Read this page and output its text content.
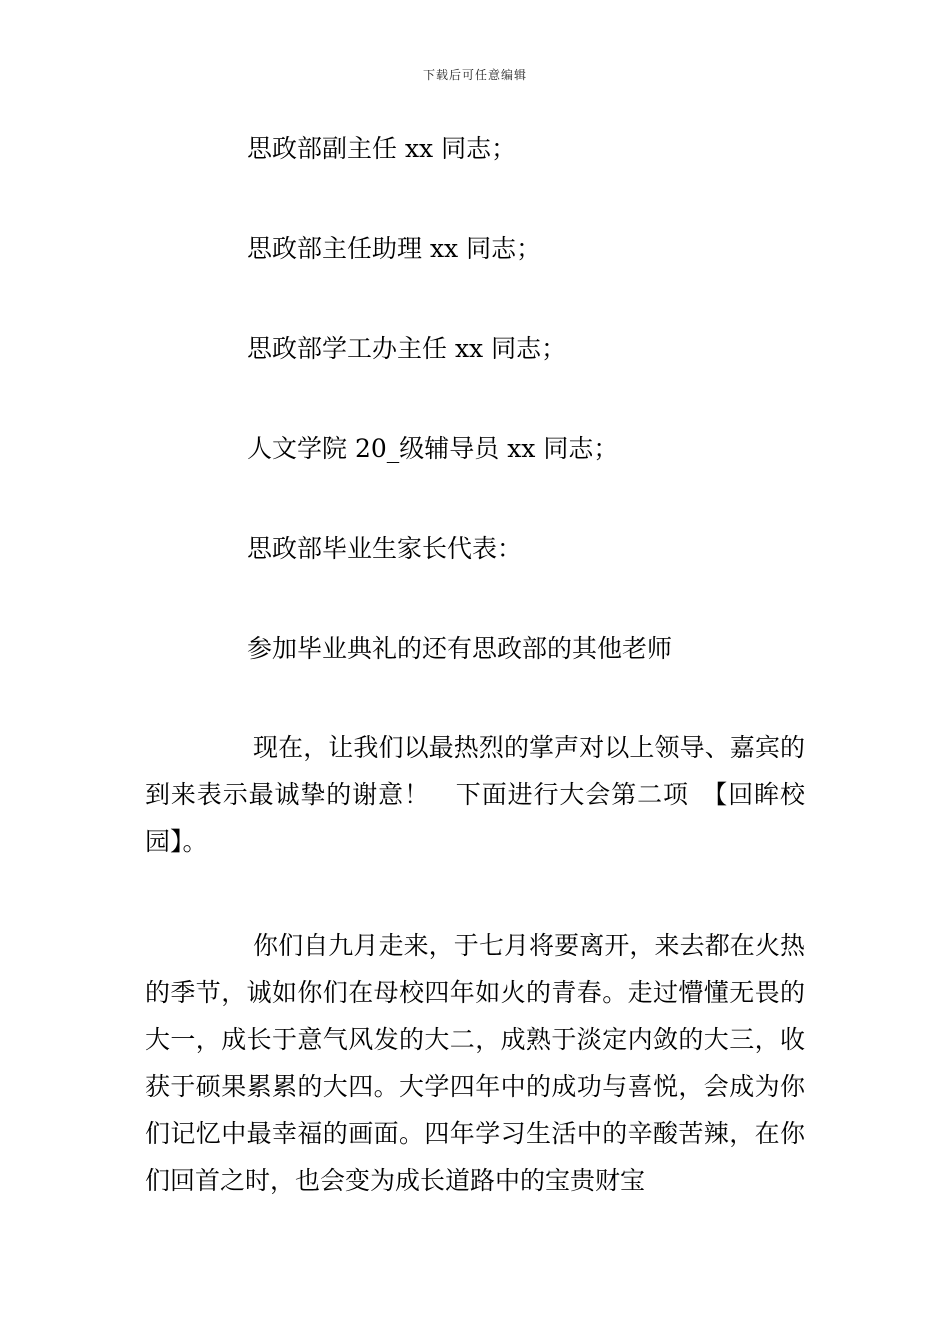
下载后可任意编辑
思政部副主任 xx 同志；
思政部主任助理 xx 同志；
思政部学工办主任 xx 同志；
人文学院 20_级辅导员 xx 同志；
思政部毕业生家长代表：
参加毕业典礼的还有思政部的其他老师

现在，让我们以最热烈的掌声对以上领导、嘉宾的到来表示最诚挚的谢意！　下面进行大会第二项　【回眸校园】。

你们自九月走来，于七月将要离开，来去都在火热的季节，诚如你们在母校四年如火的青春。走过懵懂无畏的大一，成长于意气风发的大二，成熟于淡定内敛的大三，收获于硕果累累的大四。大学四年中的成功与喜悦，会成为你们记忆中最幸福的画面。四年学习生活中的辛酸苦辣，在你们回首之时，也会变为成长道路中的宝贵财宝
